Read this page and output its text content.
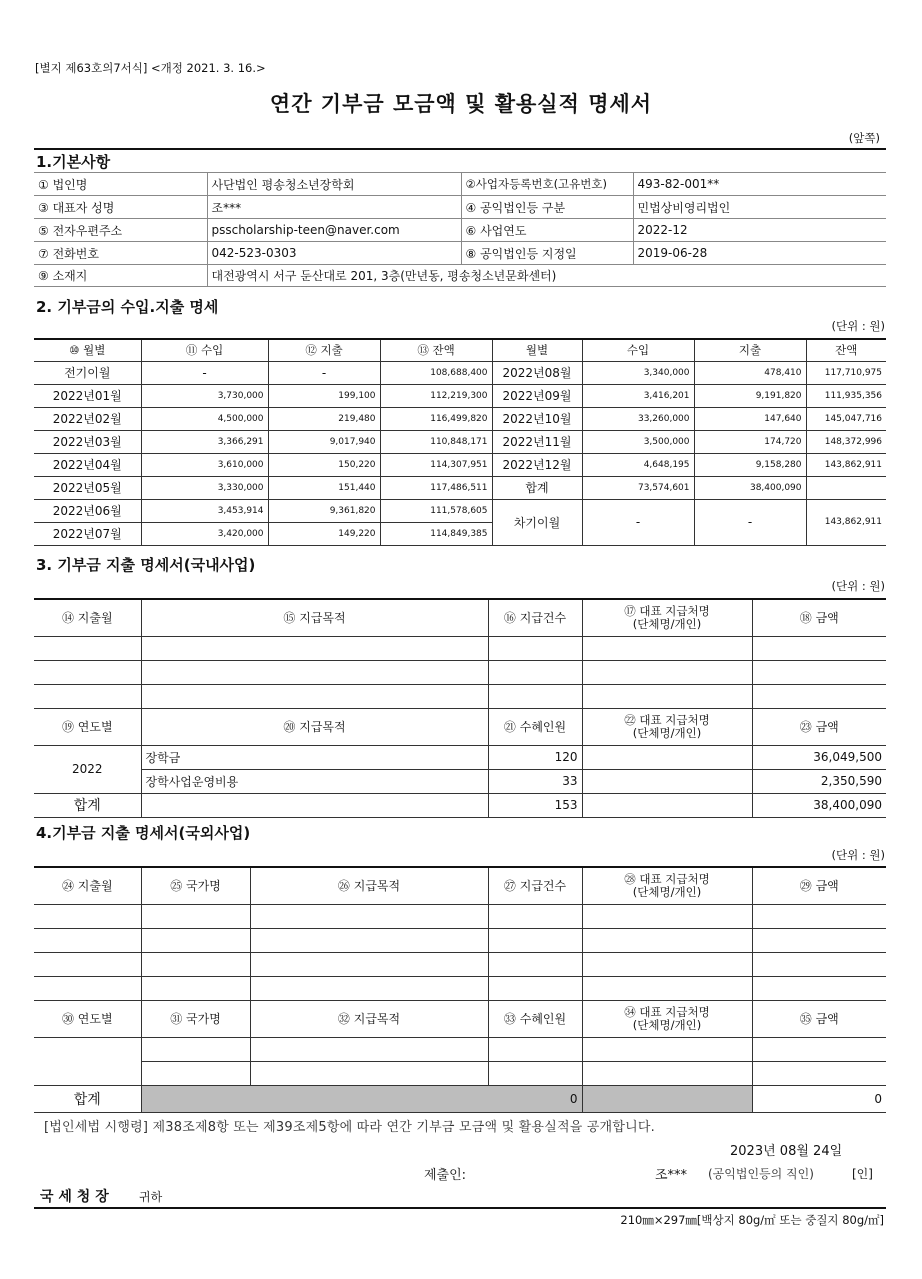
[별지 제63호의7서식] <개정 2021. 3. 16.>
연간 기부금 모금액 및 활용실적 명세서
(앞쪽)
1.기본사항
① 법인명	사단법인 평송청소년장학회	②사업자등록번호(고유번호)	493-82-001**
③ 대표자 성명	조***	④ 공익법인등 구분	민법상비영리법인
⑤ 전자우편주소	psscholarship-teen@naver.com	⑥ 사업연도	2022-12
⑦ 전화번호	042-523-0303	⑧ 공익법인등 지정일	2019-06-28
⑨ 소재지	대전광역시 서구 둔산대로 201, 3층(만년동, 평송청소년문화센터)		
2. 기부금의 수입.지출 명세
(단위 : 원)
⑩ 월별	⑪ 수입	⑫ 지출	⑬ 잔액	월별	수입	지출	잔액
전기이월	-	-	108,688,400	2022년08월	3,340,000	478,410	117,710,975
2022년01월	3,730,000	199,100	112,219,300	2022년09월	3,416,201	9,191,820	111,935,356
2022년02월	4,500,000	219,480	116,499,820	2022년10월	33,260,000	147,640	145,047,716
2022년03월	3,366,291	9,017,940	110,848,171	2022년11월	3,500,000	174,720	148,372,996
2022년04월	3,610,000	150,220	114,307,951	2022년12월	4,648,195	9,158,280	143,862,911
2022년05월	3,330,000	151,440	117,486,511	합계	73,574,601	38,400,090	
2022년06월	3,453,914	9,361,820	111,578,605	차기이월	-	-	143,862,911
2022년07월	3,420,000	149,220	114,849,385				
3. 기부금 지출 명세서(국내사업)
(단위 : 원)
⑭ 지출월	⑮ 지급목적	⑯ 지급건수	⑰ 대표 지급처명
(단체명/개인)	⑱ 금액

⑲ 연도별	⑳ 지급목적	㉑ 수혜인원	㉒ 대표 지급처명
(단체명/개인)	㉓ 금액
2022	장학금	120		36,049,500
	장학사업운영비용	33		2,350,590
합계		153		38,400,090
4.기부금 지출 명세서(국외사업)
(단위 : 원)
㉔ 지출월	㉕ 국가명	㉖ 지급목적	㉗ 지급건수	㉘ 대표 지급처명
(단체명/개인)	㉙ 금액

㉚ 연도별	㉛ 국가명	㉜ 지급목적	㉝ 수혜인원	㉞ 대표 지급처명
(단체명/개인)	㉟ 금액

합계	0				0
[법인세법 시행령] 제38조제8항 또는 제39조제5항에 따라 연간 기부금 모금액 및 활용실적을 공개합니다.
2023년 08월 24일
제출인:	조*** (공익법인등의 직인)	[인]
국 세 청 장	귀하
210㎜×297㎜[백상지 80g/㎡ 또는 중질지 80g/㎡]
